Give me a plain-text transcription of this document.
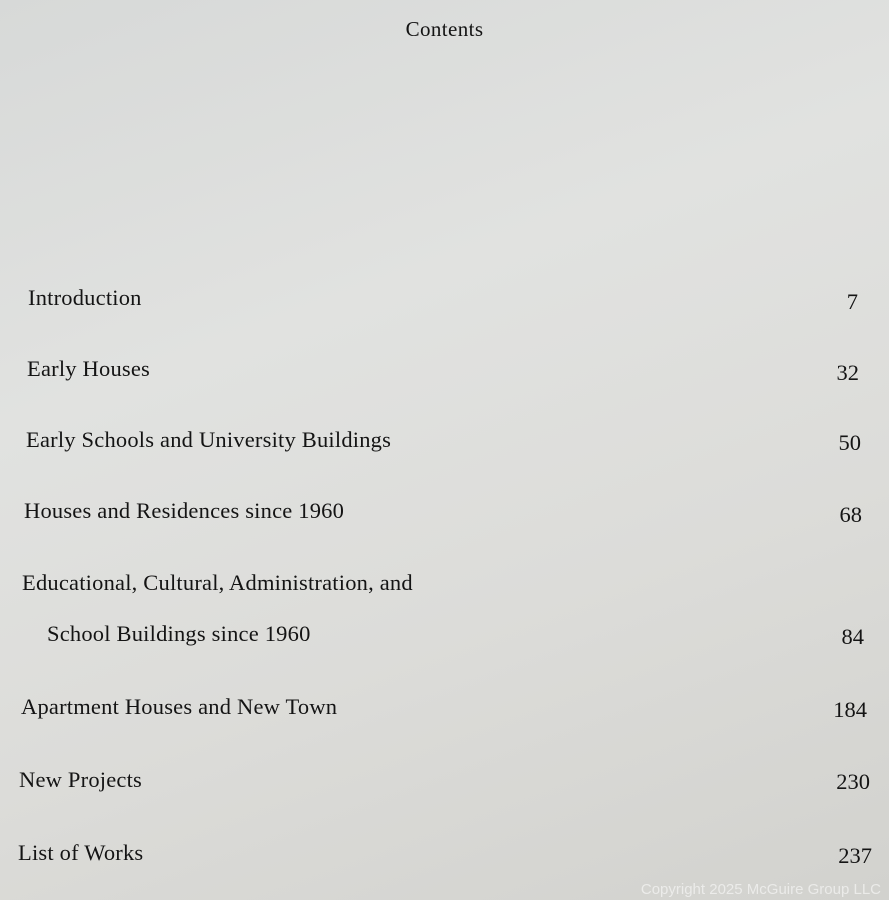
Contents
Introduction	7
Early Houses	32
Early Schools and University Buildings	50
Houses and Residences since 1960	68
Educational, Cultural, Administration, and
School Buildings since 1960	84
Apartment Houses and New Town	184
New Projects	230
List of Works	237
Copyright 2025 McGuire Group LLC
